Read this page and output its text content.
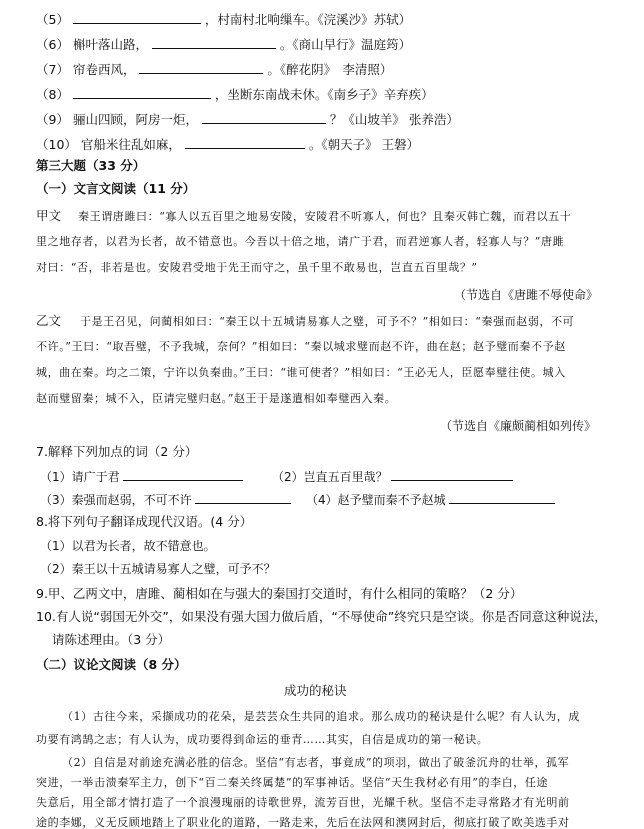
（5）	，村南村北响缫车。《浣溪沙》苏轼）
（6） 槲叶落山路，	。《商山早行》温庭筠）
（7） 帘卷西风，	。《醉花阴》　李清照）
（8）	，坐断东南战未休。《南乡子》辛弃疾）
（9） 骊山四顾，阿房一炬，	？《山坡羊》 张养浩）
（10） 官船米往乱如麻，	。《朝天子》 王磐）
第三大题（33 分）
（一）文言文阅读（11 分）
甲文 秦王谓唐雎曰：“寡人以五百里之地易安陵，安陵君不听寡人，何也？且秦灭韩亡魏，而君以五十
里之地存者，以君为长者，故不错意也。今吾以十倍之地，请广于君，而君逆寡人者，轻寡人与？”唐雎
对曰：“否，非若是也。安陵君受地于先王而守之，虽千里不敢易也，岂直五百里哉？”
（节选自《唐雎不辱使命》
乙文 于是王召见，问蔺相如曰：“秦王以十五城请易寡人之璧，可予不？”相如曰：“秦强而赵弱，不可
不许。”王曰：“取吾璧，不予我城，奈何？”相如曰：“秦以城求璧而赵不许，曲在赵；赵予璧而秦不予赵
城，曲在秦。均之二策，宁许以负秦曲。”王曰：“谁可使者？”相如曰：“王必无人，臣愿奉璧往使。城入
赵而璧留秦；城不入，臣请完璧归赵。”赵王于是遂遣相如奉璧西入秦。
（节选自《廉颇蔺相如列传》
7.解释下列加点的词（2 分）
（1）请广于君	（2）岂直五百里哉？
（3）秦强而赵弱，不可不许	（4）赵予璧而秦不予赵城
8.将下列句子翻译成现代汉语。(4 分）
（1）以君为长者，故不错意也。
（2）秦王以十五城请易寡人之璧，可予不？
9.甲、乙两文中，唐雎、蔺相如在与强大的秦国打交道时，有什么相同的策略？（2 分）
10.有人说“弱国无外交”，如果没有强大国力做后盾，“不辱使命”终究只是空谈。你是否同意这种说法，
请陈述理由。（3 分）
（二）议论文阅读（8 分）
成功的秘诀
（1）古往今来，采撷成功的花朵，是芸芸众生共同的追求。那么成功的秘诀是什么呢？有人认为，成
功要有鸿鹄之志；有人认为，成功要得到命运的垂青……其实，自信是成功的第一秘诀。
（2）自信是对前途充满必胜的信念。坚信“有志者，事竟成”的项羽，做出了破釜沉舟的壮举，孤军
突进，一举击溃秦军主力，创下“百二秦关终属楚”的军事神话。坚信“天生我材必有用”的李白，任途
失意后，用全部才情打造了一个浪漫瑰丽的诗歌世界，流芳百世，光耀千秋。坚信不走寻常路才有光明前
途的李娜，义无反顾地踏上了职业化的道路，一路走来，先后在法网和澳网封后，彻底打破了欧美选手对
